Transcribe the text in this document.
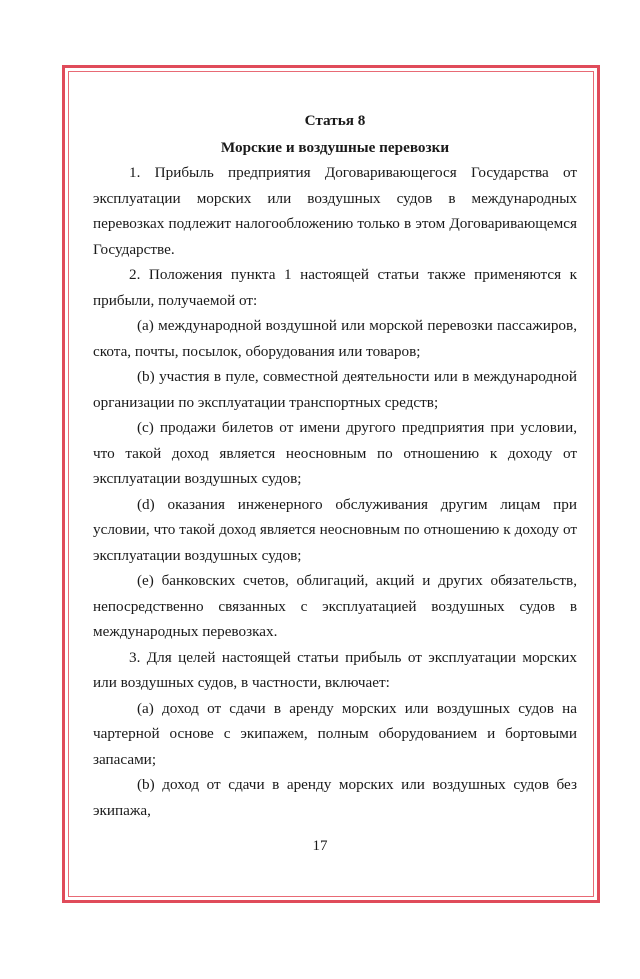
Статья 8
Морские и воздушные перевозки

1. Прибыль предприятия Договаривающегося Государства от эксплуатации морских или воздушных судов в международных перевозках подлежит налогообложению только в этом Договаривающемся Государстве.

2. Положения пункта 1 настоящей статьи также применяются к прибыли, получаемой от:

(a) международной воздушной или морской перевозки пассажиров, скота, почты, посылок, оборудования или товаров;

(b) участия в пуле, совместной деятельности или в международной организации по эксплуатации транспортных средств;

(c) продажи билетов от имени другого предприятия при условии, что такой доход является неосновным по отношению к доходу от эксплуатации воздушных судов;

(d) оказания инженерного обслуживания другим лицам при условии, что такой доход является неосновным по отношению к доходу от эксплуатации воздушных судов;

(e) банковских счетов, облигаций, акций и других обязательств, непосредственно связанных с эксплуатацией воздушных судов в международных перевозках.

3. Для целей настоящей статьи прибыль от эксплуатации морских или воздушных судов, в частности, включает:

(a) доход от сдачи в аренду морских или воздушных судов на чартерной основе с экипажем, полным оборудованием и бортовыми запасами;

(b) доход от сдачи в аренду морских или воздушных судов без экипажа,

17
